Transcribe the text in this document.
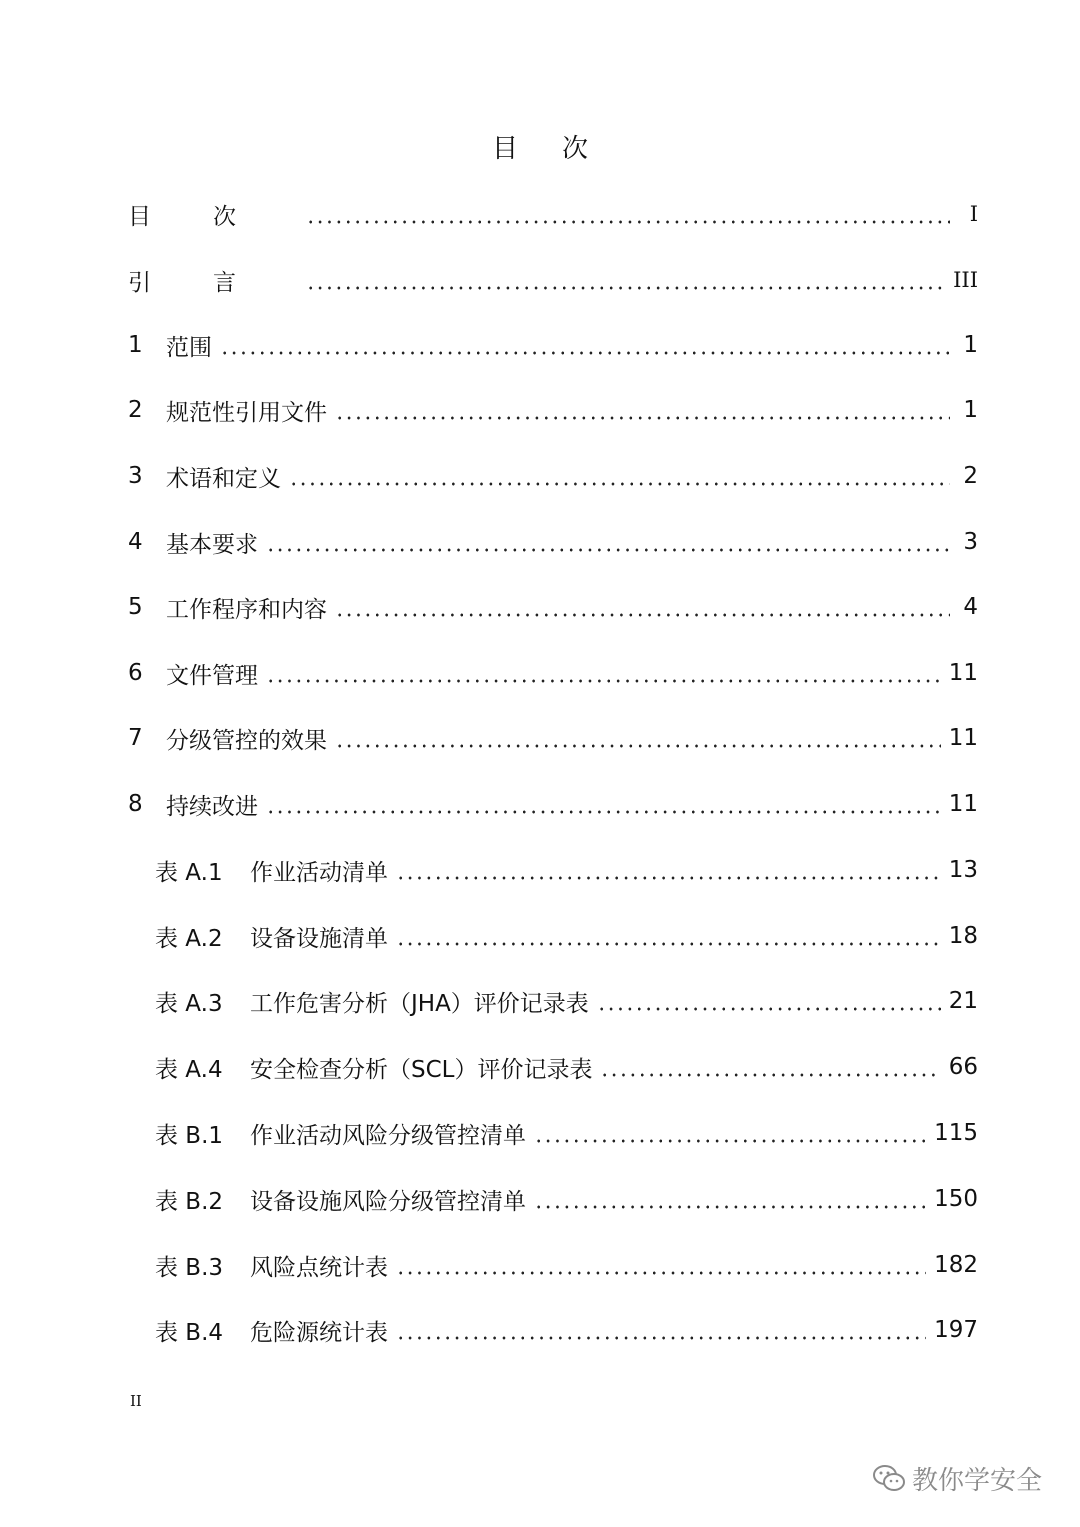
目次
目次	I
引言	III
1	范围	1
2	规范性引用文件	1
3	术语和定义	2
4	基本要求	3
5	工作程序和内容	4
6	文件管理	11
7	分级管控的效果	11
8	持续改进	11
表 A.1	作业活动清单	13
表 A.2	设备设施清单	18
表 A.3	工作危害分析（JHA）评价记录表	21
表 A.4	安全检查分析（SCL）评价记录表	66
表 B.1	作业活动风险分级管控清单	115
表 B.2	设备设施风险分级管控清单	150
表 B.3	风险点统计表	182
表 B.4	危险源统计表	197
II
教你学安全
